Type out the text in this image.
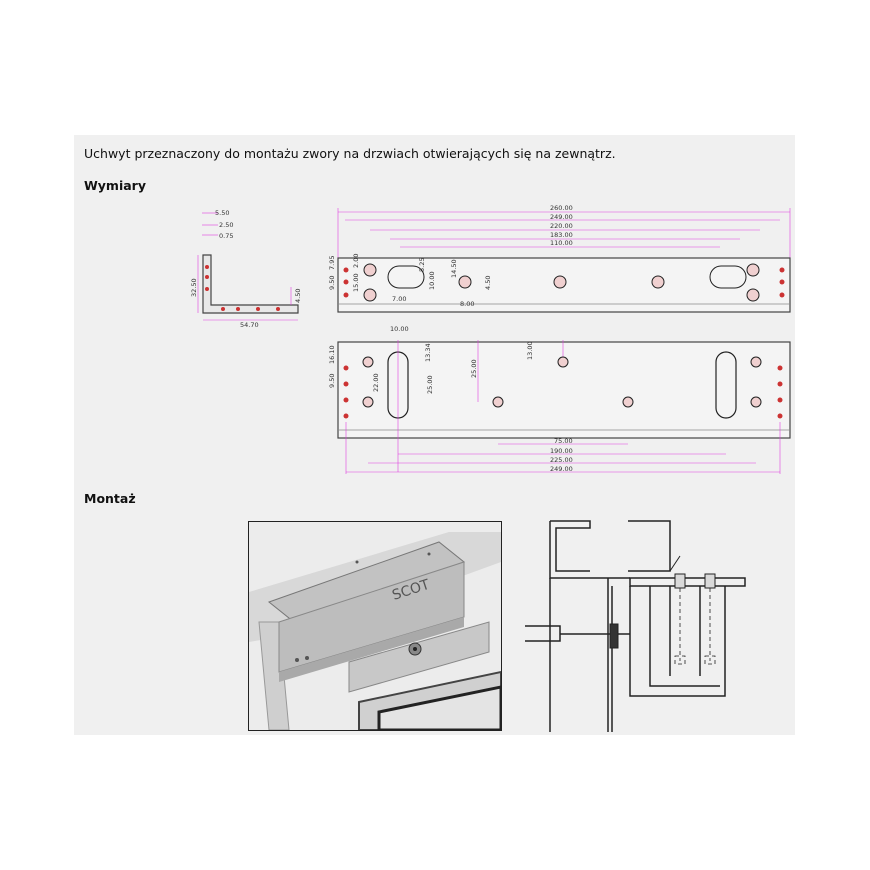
Uchwyt przeznaczony do montażu zwory na drzwiach otwierających się na zewnątrz.
Wymiary
Montaż
5.50
2.50
0.75
32.50	4.50
54.70
260.00
249.00
220.00
183.00
110.00
9.50
7.95 2.00
15.00
5.25
10.00
14.50
4.50
7.00
8.00
10.00
13.34	13.00
9.50
16.10
22.00	25.00
25.00
75.00
190.00
225.00
249.00
SCOT
